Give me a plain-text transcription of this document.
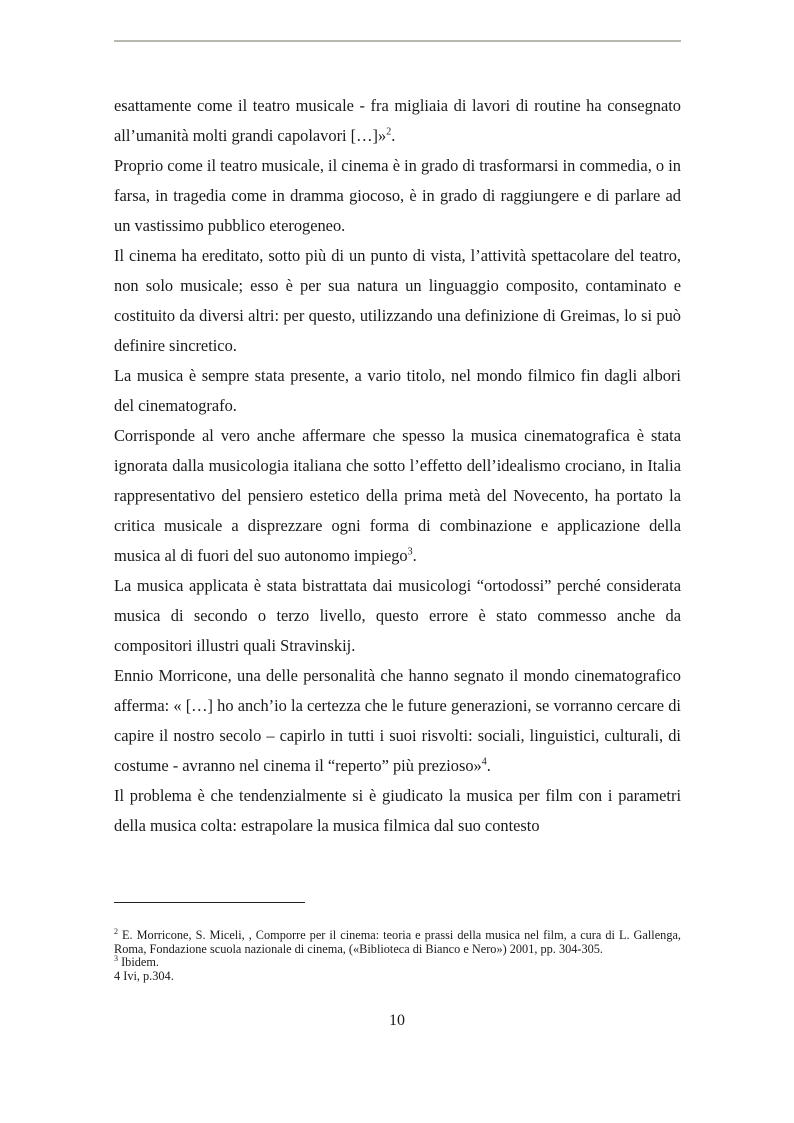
esattamente come il teatro musicale - fra migliaia di lavori di routine ha consegnato all’umanità molti grandi capolavori […]»$^2$.

Proprio come il teatro musicale, il cinema è in grado di trasformarsi in commedia, o in farsa, in tragedia come in dramma giocoso, è in grado di raggiungere e di parlare ad un vastissimo pubblico eterogeneo.

Il cinema ha ereditato, sotto più di un punto di vista, l’attività spettacolare del teatro, non solo musicale; esso è per sua natura un linguaggio composito, contaminato e costituito da diversi altri: per questo, utilizzando una definizione di Greimas, lo si può definire sincretico.

La musica è sempre stata presente, a vario titolo, nel mondo filmico fin dagli albori del cinematografo.

Corrisponde al vero anche affermare che spesso la musica cinematografica è stata ignorata dalla musicologia italiana che sotto l’effetto dell’idealismo crociano, in Italia rappresentativo del pensiero estetico della prima metà del Novecento, ha portato la critica musicale a disprezzare ogni forma di combinazione e applicazione della musica al di fuori del suo autonomo impiego$^3$.

La musica applicata è stata bistrattata dai musicologi “ortodossi” perché considerata musica di secondo o terzo livello, questo errore è stato commesso anche da compositori illustri quali Stravinskij.

Ennio Morricone, una delle personalità che hanno segnato il mondo cinematografico afferma: « […] ho anch’io la certezza che le future generazioni, se vorranno cercare di capire il nostro secolo – capirlo in tutti i suoi risvolti: sociali, linguistici, culturali, di costume - avranno nel cinema il “reperto” più prezioso»$^4$.

Il problema è che tendenzialmente si è giudicato la musica per film con i parametri della musica colta: estrapolare la musica filmica dal suo contesto

$^2$ E. Morricone, S. Miceli, , Comporre per il cinema: teoria e prassi della musica nel film, a cura di L. Gallenga, Roma, Fondazione scuola nazionale di cinema, («Biblioteca di Bianco e Nero») 2001, pp. 304-305.

$^3$ Ibidem.

4 Ivi, p.304.

10
